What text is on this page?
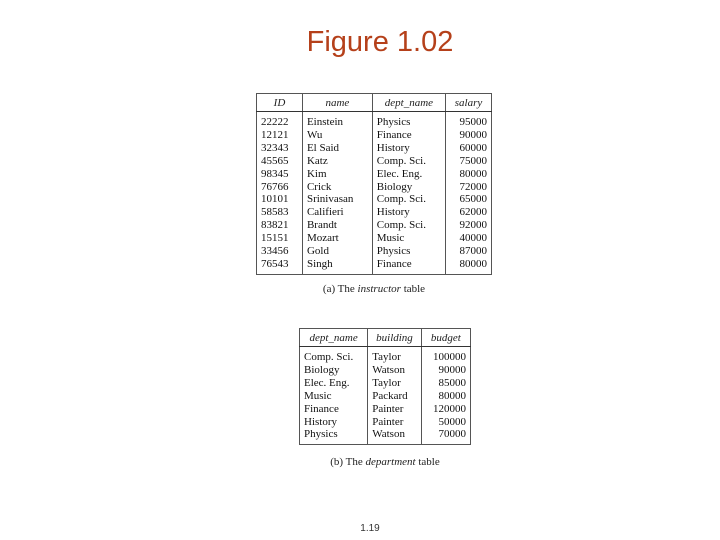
Figure 1.02
ID	name	dept_name	salary
22222	Einstein	Physics	95000
12121	Wu	Finance	90000
32343	El Said	History	60000
45565	Katz	Comp. Sci.	75000
98345	Kim	Elec. Eng.	80000
76766	Crick	Biology	72000
10101	Srinivasan	Comp. Sci.	65000
58583	Califieri	History	62000
83821	Brandt	Comp. Sci.	92000
15151	Mozart	Music	40000
33456	Gold	Physics	87000
76543	Singh	Finance	80000
(a) The instructor table
dept_name	building	budget
Comp. Sci.	Taylor	100000
Biology	Watson	90000
Elec. Eng.	Taylor	85000
Music	Packard	80000
Finance	Painter	120000
History	Painter	50000
Physics	Watson	70000
(b) The department table
1.19
